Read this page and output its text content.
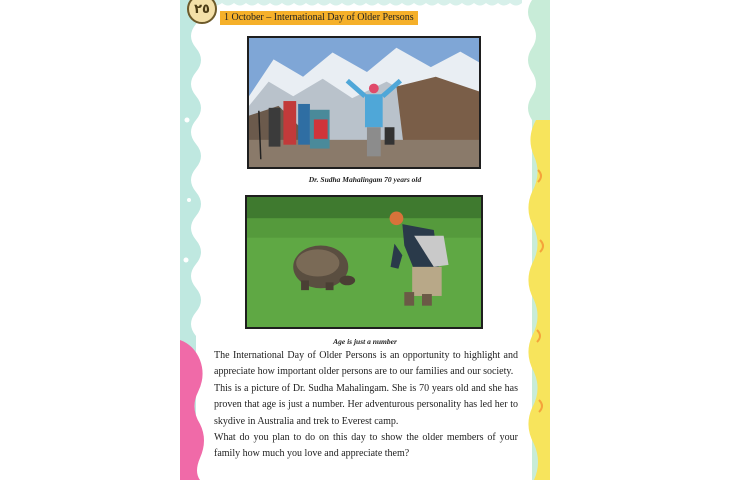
٢٥
1 October – International Day of Older Persons
Dr. Sudha Mahalingam 70 years old
Age is just a number

The International Day of Older Persons is an opportunity to highlight and appreciate how important older persons are to our families and our society.

This is a picture of Dr. Sudha Mahalingam. She is 70 years old and she has proven that age is just a number. Her adventurous personality has led her to skydive in Australia and trek to Everest camp.

What do you plan to do on this day to show the older members of your family how much you love and appreciate them?
